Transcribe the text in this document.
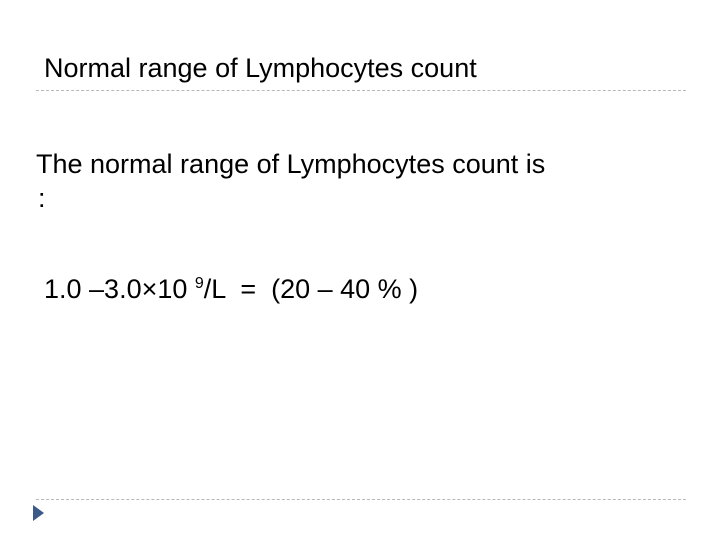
Normal range of Lymphocytes count
The normal range of Lymphocytes count is
:
1.0 –3.0×10 $^9$/L  =  (20 – 40 % )
